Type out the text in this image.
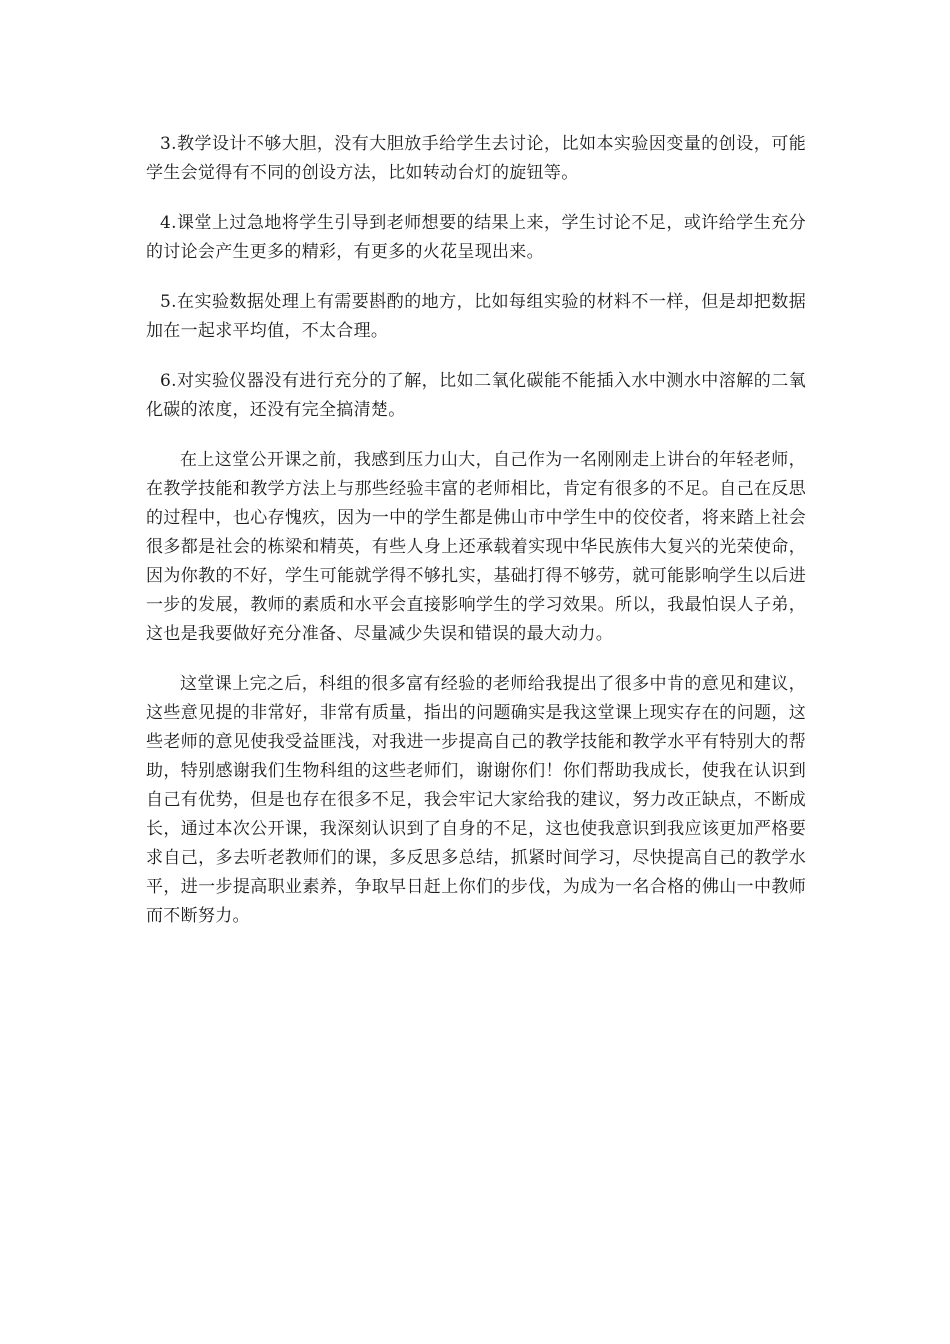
3.教学设计不够大胆，没有大胆放手给学生去讨论，比如本实验因变量的创设，可能学生会觉得有不同的创设方法，比如转动台灯的旋钮等。

4.课堂上过急地将学生引导到老师想要的结果上来，学生讨论不足，或许给学生充分的讨论会产生更多的精彩，有更多的火花呈现出来。

5.在实验数据处理上有需要斟酌的地方，比如每组实验的材料不一样，但是却把数据加在一起求平均值，不太合理。

6.对实验仪器没有进行充分的了解，比如二氧化碳能不能插入水中测水中溶解的二氧化碳的浓度，还没有完全搞清楚。

在上这堂公开课之前，我感到压力山大，自己作为一名刚刚走上讲台的年轻老师，在教学技能和教学方法上与那些经验丰富的老师相比，肯定有很多的不足。自己在反思的过程中，也心存愧疚，因为一中的学生都是佛山市中学生中的佼佼者，将来踏上社会很多都是社会的栋梁和精英，有些人身上还承载着实现中华民族伟大复兴的光荣使命，因为你教的不好，学生可能就学得不够扎实，基础打得不够劳，就可能影响学生以后进一步的发展，教师的素质和水平会直接影响学生的学习效果。所以，我最怕误人子弟，这也是我要做好充分准备、尽量减少失误和错误的最大动力。

这堂课上完之后，科组的很多富有经验的老师给我提出了很多中肯的意见和建议，这些意见提的非常好，非常有质量，指出的问题确实是我这堂课上现实存在的问题，这些老师的意见使我受益匪浅，对我进一步提高自己的教学技能和教学水平有特别大的帮助，特别感谢我们生物科组的这些老师们，谢谢你们！你们帮助我成长，使我在认识到自己有优势，但是也存在很多不足，我会牢记大家给我的建议，努力改正缺点，不断成长，通过本次公开课，我深刻认识到了自身的不足，这也使我意识到我应该更加严格要求自己，多去听老教师们的课，多反思多总结，抓紧时间学习，尽快提高自己的教学水平，进一步提高职业素养，争取早日赶上你们的步伐，为成为一名合格的佛山一中教师而不断努力。
